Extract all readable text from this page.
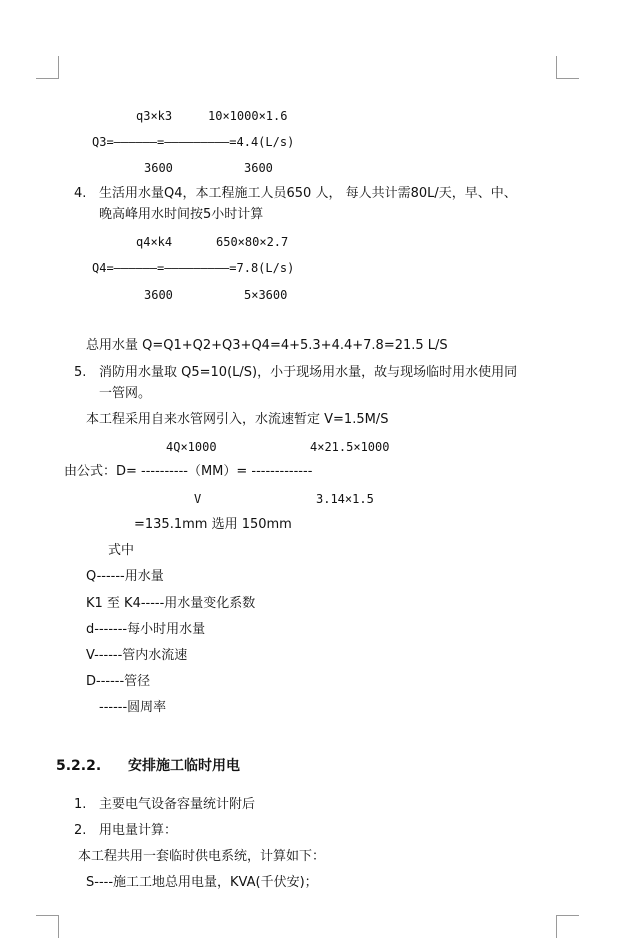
q3×k3	10×1000×1.6
Q3=——————=—————————=4.4(L/s)
3600	3600
4. 生活用水量Q4，本工程施工人员650 人， 每人共计需80L/天，早、中、
晚高峰用水时间按5小时计算
q4×k4	650×80×2.7
Q4=——————=—————————=7.8(L/s)
3600	5×3600
总用水量 Q=Q1+Q2+Q3+Q4=4+5.3+4.4+7.8=21.5 L/S
5. 消防用水量取 Q5=10(L/S)，小于现场用水量，故与现场临时用水使用同
一管网。
本工程采用自来水管网引入，水流速暂定 V=1.5M/S
4Q×1000	4×21.5×1000
由公式：D= ----------（MM）= -------------
V	3.14×1.5
=135.1mm 选用 150mm
式中
Q------用水量
K1 至 K4-----用水量变化系数
d-------每小时用水量
V------管内水流速
D------管径
------圆周率
5.2.2. 安排施工临时用电
1. 主要电气设备容量统计附后
2. 用电量计算：
本工程共用一套临时供电系统，计算如下：
S----施工工地总用电量，KVA(千伏安)；
